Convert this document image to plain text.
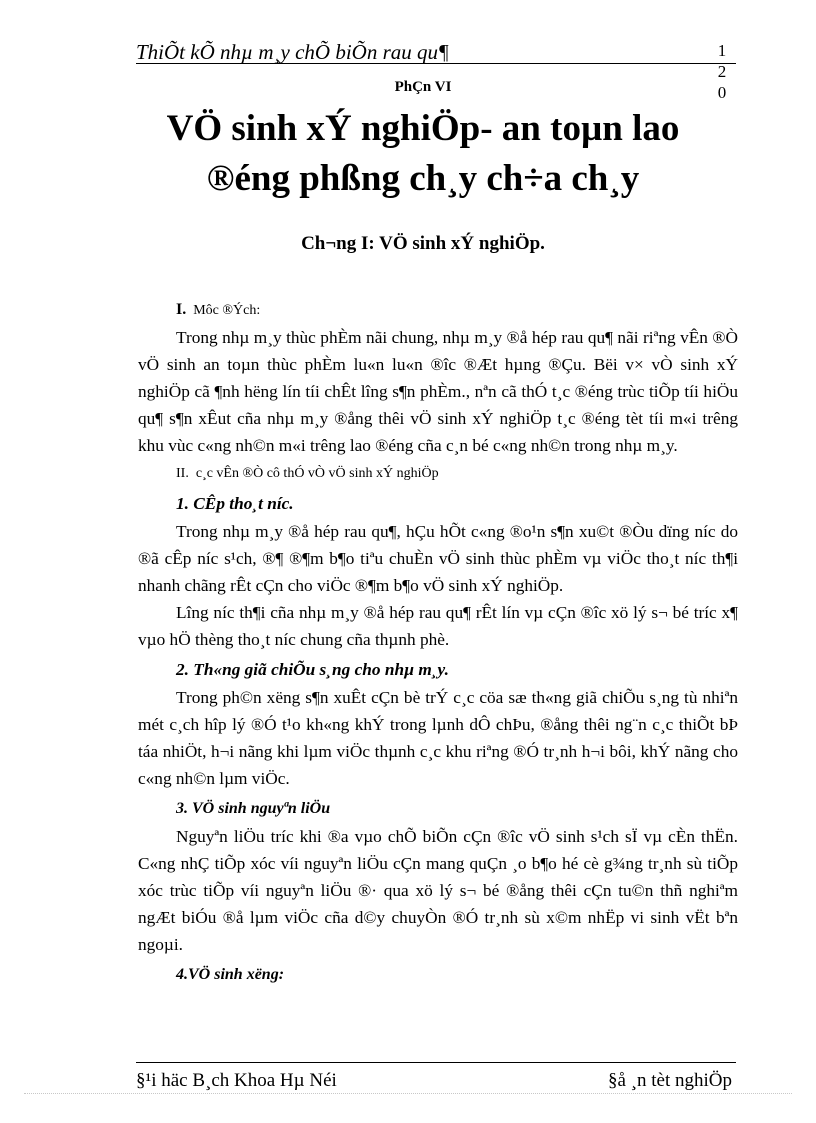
ThiÕt kÕ nhµ m¸y chÕ biÕn rau qu¶	1
2
0
PhÇn VI
VÖ sinh xÝ nghiÖp- an toµn lao
®éng phßng ch¸y ch÷a ch¸y
Ch¬ng I: VÖ sinh xÝ nghiÖp.

I. Môc ®Ých:

Trong nhµ m¸y thùc phÈm nãi chung, nhµ m¸y ®å hép rau qu¶ nãi riªng vÊn ®Ò vÖ sinh an toµn thùc phÈm lu«n lu«n ®îc ®Æt hµng ®Çu. Bëi v× vÒ sinh xÝ nghiÖp cã ¶nh hëng lín tíi chÊt lîng s¶n phÈm., nªn cã thÓ t¸c ®éng trùc tiÕp tíi hiÖu qu¶ s¶n xÊut cña nhµ m¸y ®ång thêi vÖ sinh xÝ nghiÖp t¸c ®éng tèt tíi m«i trêng khu vùc c«ng nh©n m«i trêng lao ®éng cña c¸n bé c«ng nh©n trong nhµ m¸y.

II. c¸c vÊn ®Ò cô thÓ vÒ vÖ sinh xÝ nghiÖp

1. CÊp tho¸t níc.

Trong nhµ m¸y ®å hép rau qu¶, hÇu hÕt c«ng ®o¹n s¶n xu©t ®Òu dïng níc do ®ã cÊp níc s¹ch, ®¶ ®¶m b¶o tiªu chuÈn vÖ sinh thùc phÈm vµ viÖc tho¸t níc th¶i nhanh chãng rÊt cÇn cho viÖc ®¶m b¶o vÖ sinh xÝ nghiÖp.

Lîng níc th¶i cña nhµ m¸y ®å hép rau qu¶ rÊt lín vµ cÇn ®îc xö lý s¬ bé tríc x¶ vµo hÖ thèng tho¸t níc chung cña thµnh phè.

2. Th«ng giã chiÕu s¸ng cho nhµ m¸y.

Trong ph©n xëng s¶n xuÊt cÇn bè trÝ c¸c cöa sæ th«ng giã chiÕu s¸ng tù nhiªn mét c¸ch hîp lý ®Ó t¹o kh«ng khÝ trong lµnh dÔ chÞu, ®ång thêi ng¨n c¸c thiÕt bÞ táa nhiÖt, h¬i nãng khi lµm viÖc thµnh c¸c khu riªng ®Ó tr¸nh h¬i bôi, khÝ nãng cho c«ng nh©n lµm viÖc.

3. VÖ sinh nguyªn liÖu

Nguyªn liÖu tríc khi ®a vµo chÕ biÕn cÇn ®îc vÖ sinh s¹ch sÏ vµ cÈn thËn. C«ng nhÇ tiÕp xóc víi nguyªn liÖu cÇn mang quÇn ¸o b¶o hé cè g¾ng tr¸nh sù tiÕp xóc trùc tiÕp víi nguyªn liÖu ®· qua xö lý s¬ bé ®ång thêi cÇn tu©n thñ nghiªm ngÆt biÓu ®å lµm viÖc cña d©y chuyÒn ®Ó tr¸nh sù x©m nhËp vi sinh vËt bªn ngoµi.

4.VÖ sinh xëng:

§¹i häc B¸ch Khoa Hµ Néi	§å ¸n tèt nghiÖp
